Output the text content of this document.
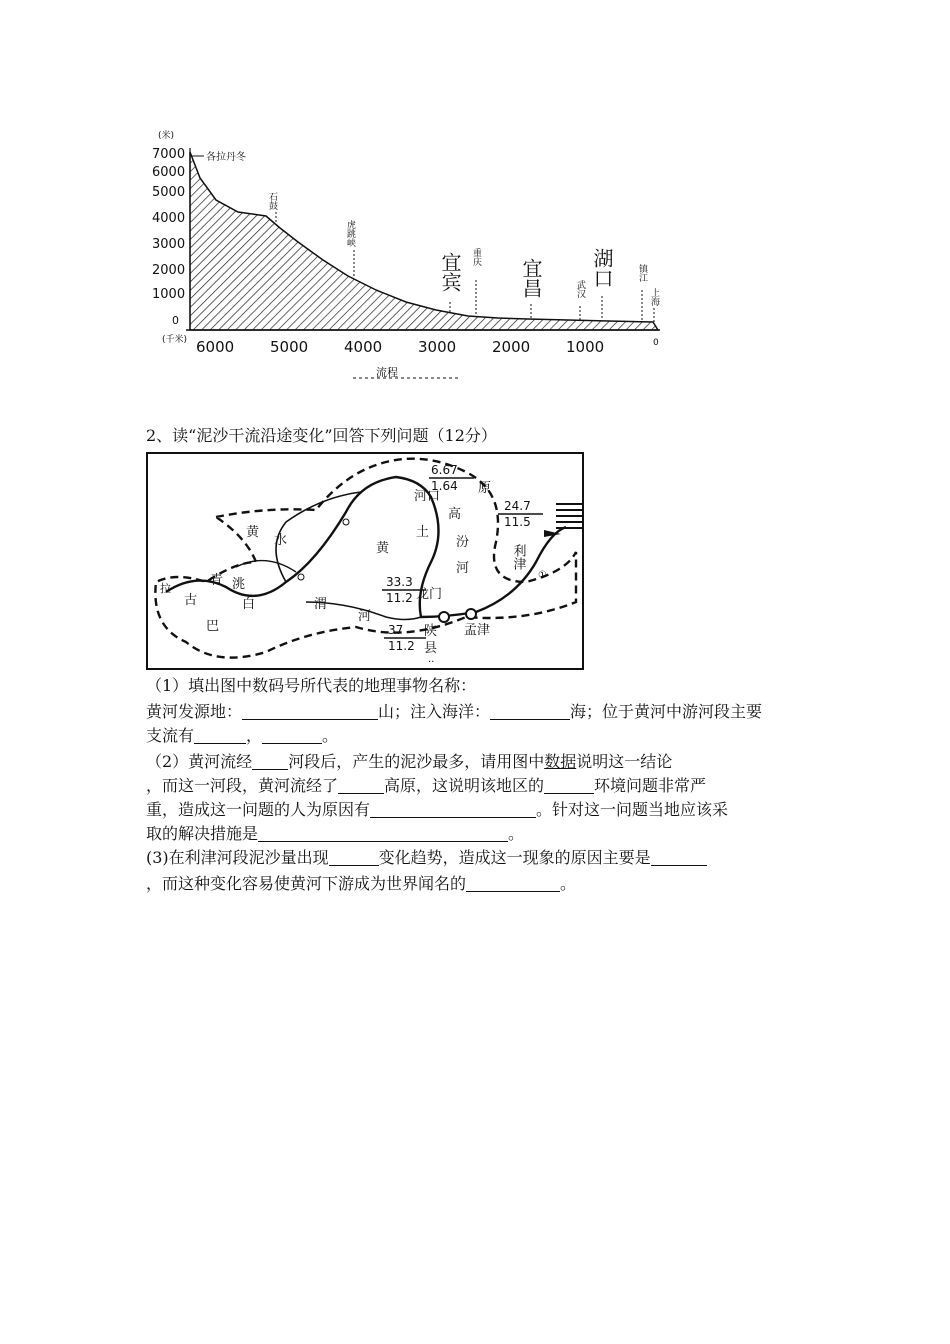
(米)
7000
6000
5000
4000
3000
2000
1000
0
(千米) 6000 5000 4000 3000 2000 1000	0
流程
各拉丹冬
石鼓
虎跳峡
宜宾 重庆
宜昌	武汉
湖口	镇江
上海
2、读“泥沙干流沿途变化”回答下列问题（12分）
6.67
1.64
24.7
11.5
33.3
11.2
37
11.2
河口
原
高
土
黄	汾
河	利津
龙门
陕
县
孟津
渭
河
洮
黄
水
青
白
古
巴
拉
..
①
（1）填出图中数码号所代表的地理事物名称：
黄河发源地：	山；注入海洋：	海；位于黄河中游河段主要
支流有	，	。
（2）黄河流经 河段后，产生的泥沙最多，请用图中数据说明这一结论
，而这一河段，黄河流经了	高原，这说明该地区的	环境问题非常严
重，造成这一问题的人为原因有	。针对这一问题当地应该采
取的解决措施是	。
(3)在利津河段泥沙量出现	变化趋势，造成这一现象的原因主要是
，而这种变化容易使黄河下游成为世界闻名的	。
